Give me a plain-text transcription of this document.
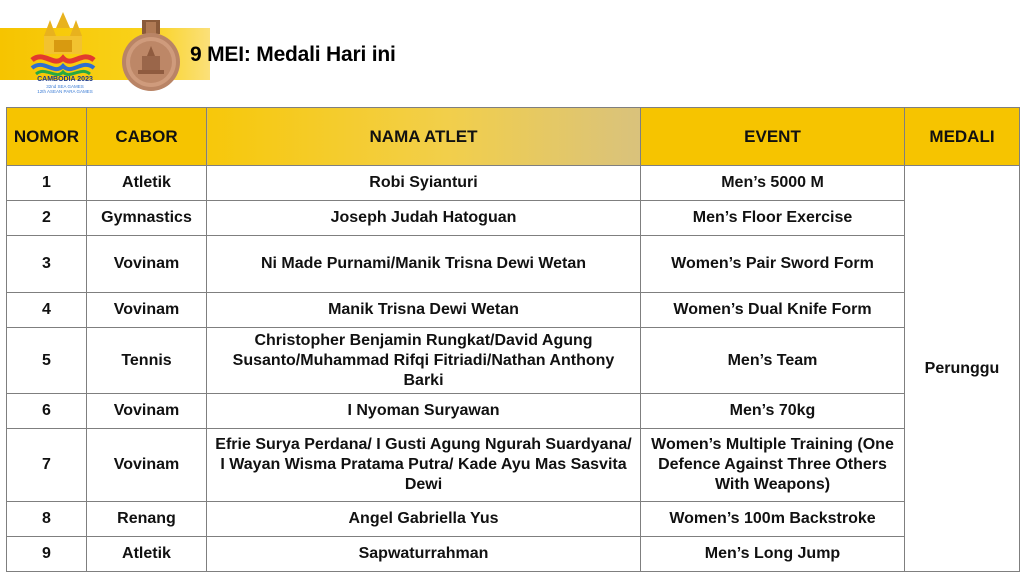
CAMBODIA 2023
32nd SEA GAMES
12th ASEAN PARA GAMES
9 MEI: Medali Hari ini
NOMOR	CABOR	NAMA ATLET	EVENT	MEDALI
1	Atletik	Robi Syianturi	Men’s 5000 M	Perunggu
2	Gymnastics	Joseph Judah Hatoguan	Men’s Floor Exercise	
3	Vovinam	Ni Made Purnami/Manik Trisna Dewi Wetan	Women’s Pair Sword Form	
4	Vovinam	Manik Trisna Dewi Wetan	Women’s Dual Knife Form	
5	Tennis	Christopher Benjamin Rungkat/David Agung Susanto/Muhammad Rifqi Fitriadi/Nathan Anthony Barki	Men’s Team	
6	Vovinam	I Nyoman Suryawan	Men’s 70kg	
7	Vovinam	Efrie Surya Perdana/ I Gusti Agung Ngurah Suardyana/ I Wayan Wisma Pratama Putra/ Kade Ayu Mas Sasvita Dewi	Women’s Multiple Training (One Defence Against Three Others With Weapons)	
8	Renang	Angel Gabriella Yus	Women’s 100m Backstroke	
9	Atletik	Sapwaturrahman	Men’s Long Jump	
